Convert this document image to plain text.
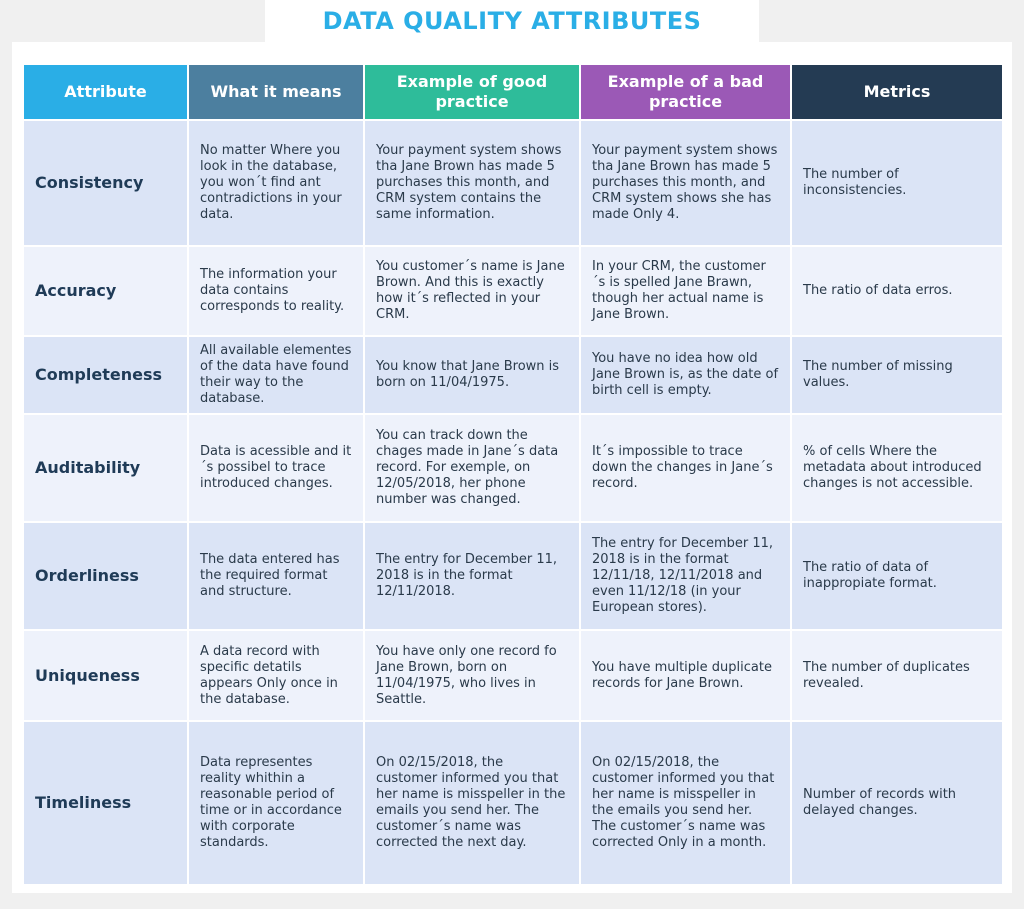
DATA QUALITY ATTRIBUTES
Attribute	What it means	Example of good practice	Example of a bad practice	Metrics
Consistency	No matter Where you look in the database, you won´t find ant contradictions in your data.	Your payment system shows tha Jane Brown has made 5 purchases this month, and CRM system contains the same information.	Your payment system shows tha Jane Brown has made 5 purchases this month, and CRM system shows she has made Only 4.	The number of inconsistencies.
Accuracy	The information your data contains corresponds to reality.	You customer´s name is Jane Brown. And this is exactly how it´s reflected in your CRM.	In your CRM, the customer´s is spelled Jane Brawn, though her actual name is Jane Brown.	The ratio of data erros.
Completeness	All available elementes of the data have found their way to the database.	You know that Jane Brown is born on 11/04/1975.	You have no idea how old Jane Brown is, as the date of birth cell is empty.	The number of missing values.
Auditability	Data is acessible and it´s possibel to trace introduced changes.	You can track down the chages made in Jane´s data record. For exemple, on 12/05/2018, her phone number was changed.	It´s impossible to trace down the changes in Jane´s record.	% of cells Where the metadata about introduced changes is not accessible.
Orderliness	The data entered has the required format and structure.	The entry for December 11, 2018 is in the format 12/11/2018.	The entry for December 11, 2018 is in the format 12/11/18, 12/11/2018 and even 11/12/18 (in your European stores).	The ratio of data of inappropiate format.
Uniqueness	A data record with specific detatils appears Only once in the database.	You have only one record fo Jane Brown, born on 11/04/1975, who lives in Seattle.	You have multiple duplicate records for Jane Brown.	The number of duplicates revealed.
Timeliness	Data representes reality whithin a reasonable period of time or in accordance with corporate standards.	On 02/15/2018, the customer informed you that her name is misspeller in the emails you send her. The customer´s name was corrected the next day.	On 02/15/2018, the customer informed you that her name is misspeller in the emails you send her. The customer´s name was corrected Only in a month.	Number of records with delayed changes.
